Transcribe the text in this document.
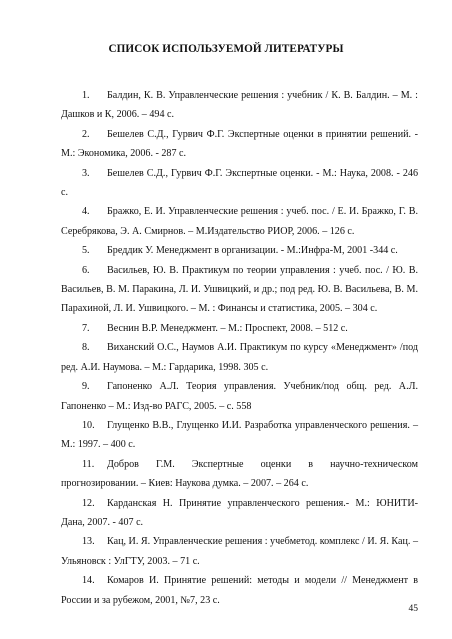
СПИСОК ИСПОЛЬЗУЕМОЙ ЛИТЕРАТУРЫ

1. Балдин, К. В. Управленческие решения : учебник / К. В. Балдин. – М. : Дашков и К, 2006. – 494 с.

2. Бешелев С.Д., Гурвич Ф.Г. Экспертные оценки в принятии решений. - М.: Экономика, 2006. - 287 с.

3. Бешелев С.Д., Гурвич Ф.Г. Экспертные оценки. - М.: Наука, 2008. - 246 с.

4. Бражко, Е. И. Управленческие решения : учеб. пос. / Е. И. Бражко, Г. В. Серебрякова, Э. А. Смирнов. – М.Издательство РИОР, 2006. – 126 с.

5. Бреддик У. Менеджмент в организации. - М.:Инфра-М, 2001 -344 с.

6. Васильев, Ю. В. Практикум по теории управления : учеб. пос. / Ю. В. Васильев, В. М. Паракина, Л. И. Ушвицкий, и др.; под ред. Ю. В. Васильева, В. М. Парахиной, Л. И. Ушвицкого. – М. : Финансы и статистика, 2005. – 304 с.

7. Веснин В.Р. Менеджмент. – М.: Проспект, 2008. – 512 с.

8. Виханский О.С., Наумов А.И. Практикум по курсу «Менеджмент» /под ред. А.И. Наумова. – М.: Гардарика, 1998. 305 с.

9. Гапоненко А.Л. Теория управления. Учебник/под общ. ред. А.Л. Гапоненко – М.: Изд-во РАГС, 2005. – с. 558

10. Глущенко В.В., Глущенко И.И. Разработка управленческого решения. – М.: 1997. – 400 с.

11. Добров Г.М. Экспертные оценки в научно-техническом прогнозировании. – Киев: Наукова думка. – 2007. – 264 с.

12. Карданская Н. Принятие управленческого решения.- М.: ЮНИТИ-Дана, 2007. - 407 с.

13. Кац, И. Я. Управленческие решения : учебметод. комплекс / И. Я. Кац. – Ульяновск : УлГТУ, 2003. – 71 с.

14. Комаров И. Принятие решений: методы и модели // Менеджмент в России и за рубежом, 2001, №7, 23 с.

45
